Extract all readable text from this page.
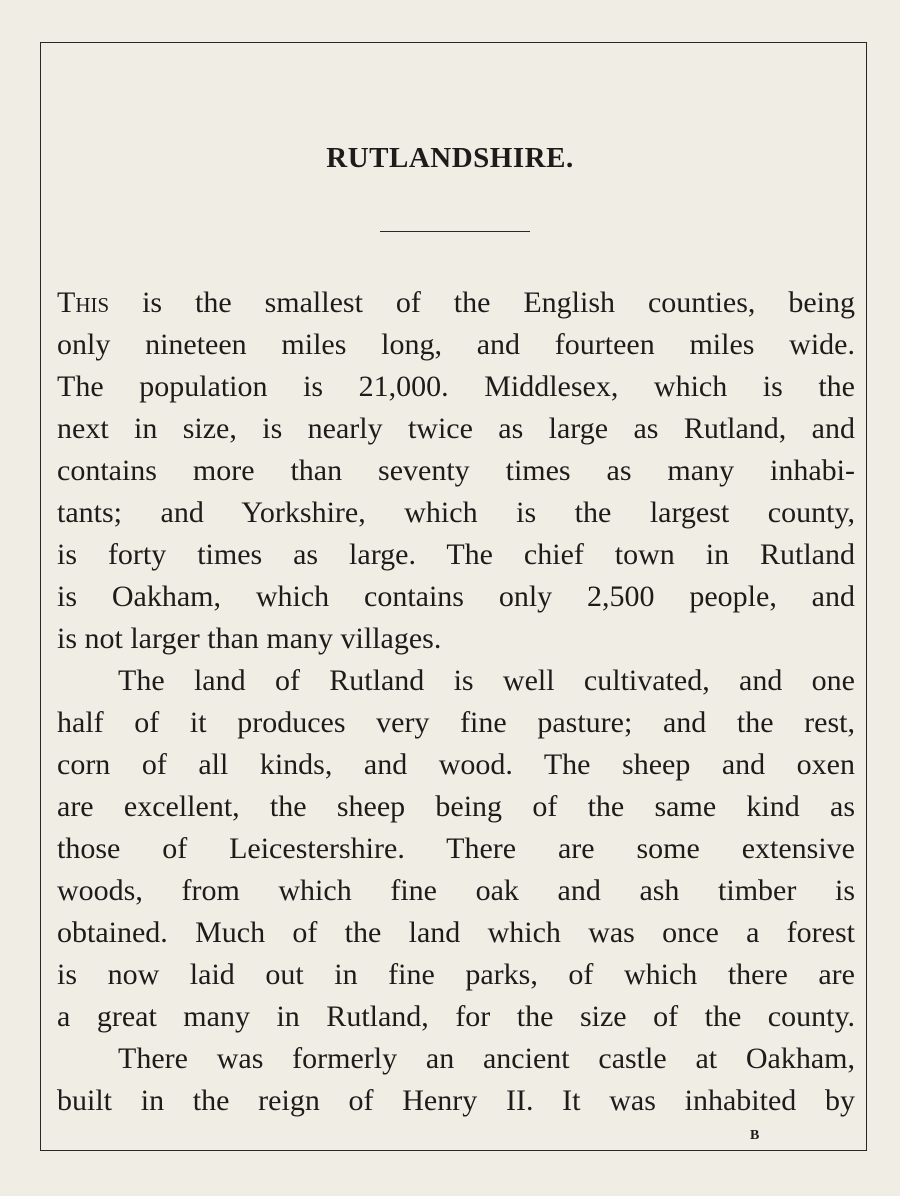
RUTLANDSHIRE.
This is the smallest of the English counties, being
only nineteen miles long, and fourteen miles wide.
The population is 21,000. Middlesex, which is the
next in size, is nearly twice as large as Rutland, and
contains more than seventy times as many inhabi-
tants; and Yorkshire, which is the largest county,
is forty times as large. The chief town in Rutland
is Oakham, which contains only 2,500 people, and
is not larger than many villages.
The land of Rutland is well cultivated, and one
half of it produces very fine pasture; and the rest,
corn of all kinds, and wood. The sheep and oxen
are excellent, the sheep being of the same kind as
those of Leicestershire. There are some extensive
woods, from which fine oak and ash timber is
obtained. Much of the land which was once a forest
is now laid out in fine parks, of which there are
a great many in Rutland, for the size of the county.
There was formerly an ancient castle at Oakham,
built in the reign of Henry II. It was inhabited by
B
